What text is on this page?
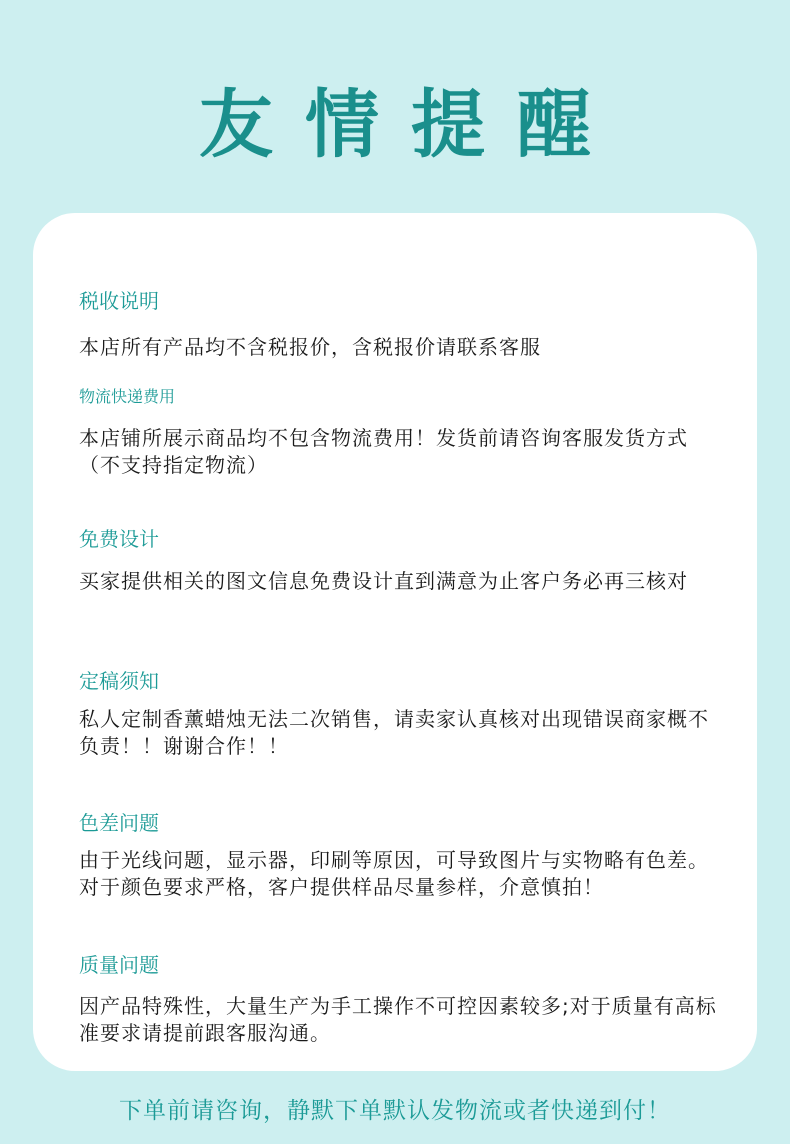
友情提醒
税收说明
本店所有产品均不含税报价，含税报价请联系客服
物流快递费用
本店铺所展示商品均不包含物流费用！发货前请咨询客服发货方式（不支持指定物流）
免费设计
买家提供相关的图文信息免费设计直到满意为止客户务必再三核对
定稿须知
私人定制香薰蜡烛无法二次销售，请卖家认真核对出现错误商家概不负责！！谢谢合作！！
色差问题
由于光线问题，显示器，印刷等原因，可导致图片与实物略有色差。对于颜色要求严格，客户提供样品尽量参样，介意慎拍！
质量问题
因产品特殊性，大量生产为手工操作不可控因素较多;对于质量有高标准要求请提前跟客服沟通。
下单前请咨询，静默下单默认发物流或者快递到付！
